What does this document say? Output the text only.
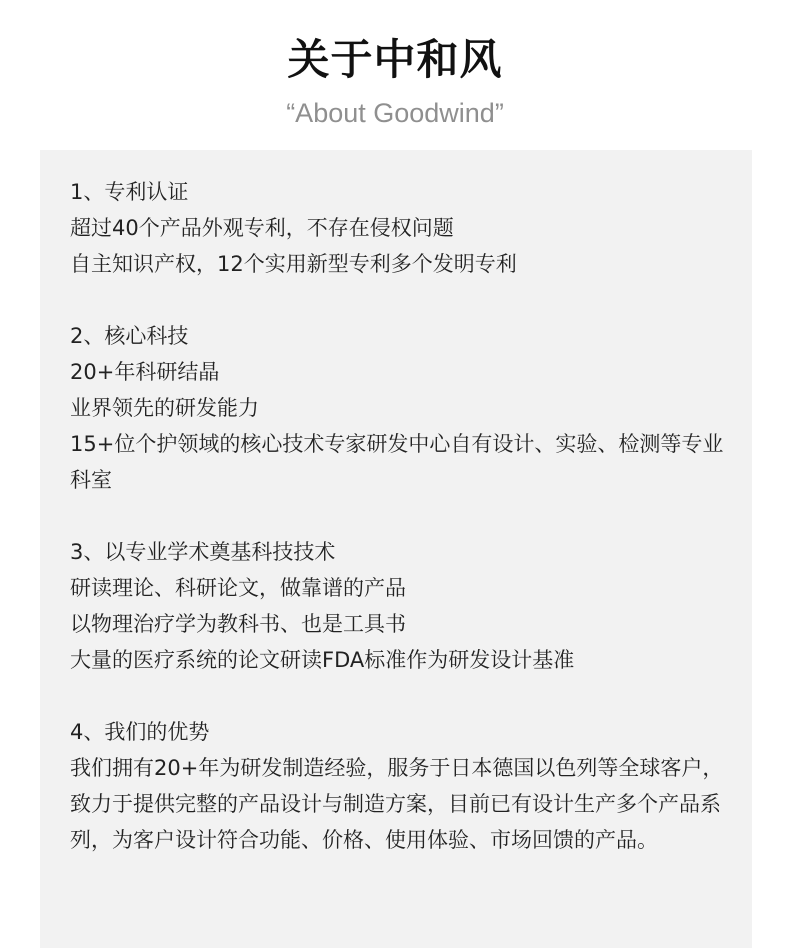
关于中和风
“About Goodwind”
1、专利认证
超过40个产品外观专利，不存在侵权问题
自主知识产权，12个实用新型专利多个发明专利
2、核心科技
20+年科研结晶
业界领先的研发能力
15+位个护领域的核心技术专家研发中心自有设计、实验、检测等专业科室
3、以专业学术奠基科技技术
研读理论、科研论文，做靠谱的产品
以物理治疗学为教科书、也是工具书
大量的医疗系统的论文研读FDA标准作为研发设计基准
4、我们的优势
我们拥有20+年为研发制造经验，服务于日本德国以色列等全球客户，致力于提供完整的产品设计与制造方案，目前已有设计生产多个产品系列，为客户设计符合功能、价格、使用体验、市场回馈的产品。
